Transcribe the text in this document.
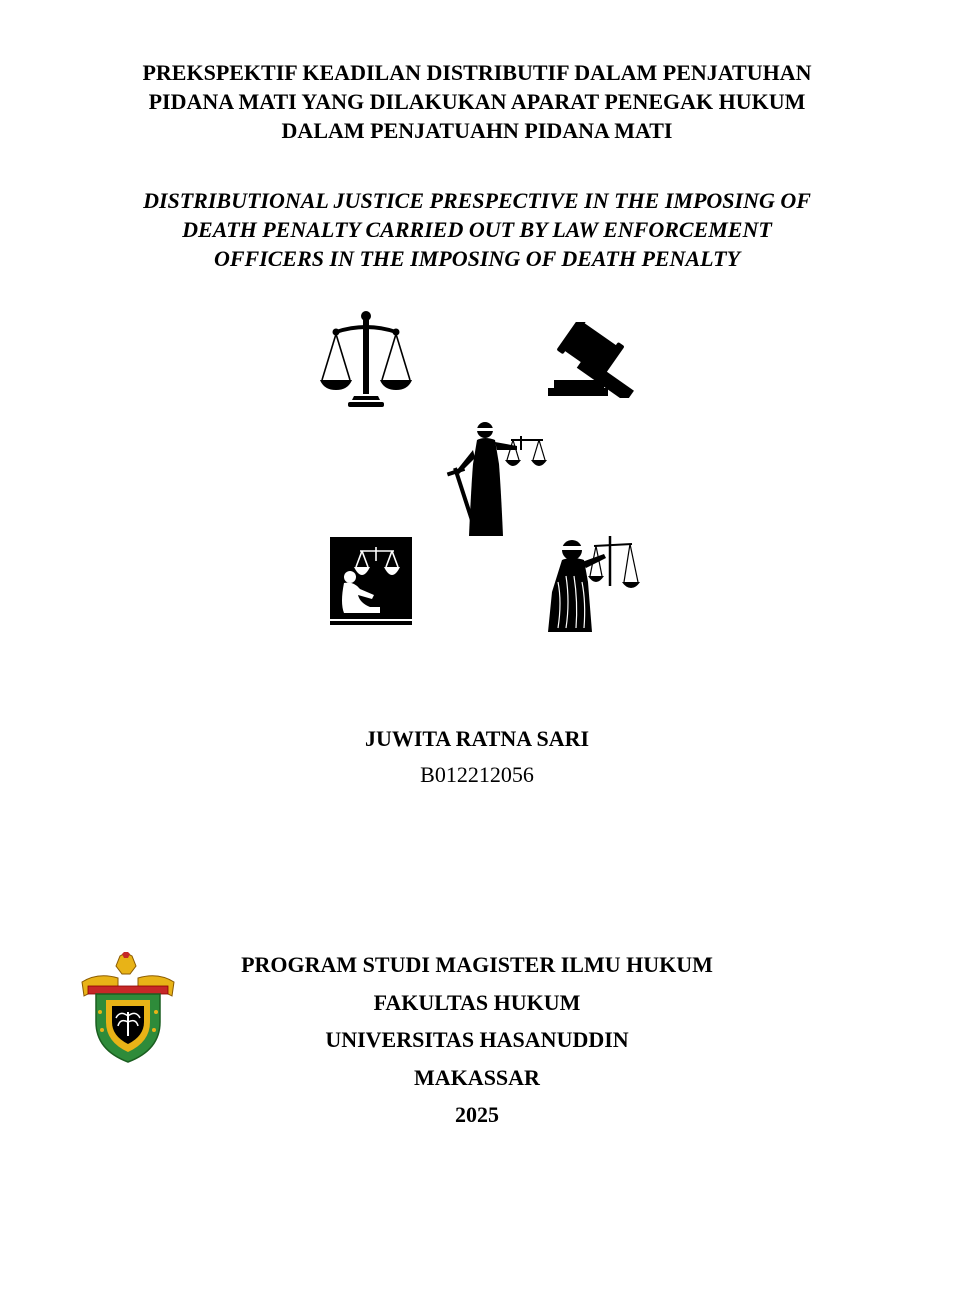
PREKSPEKTIF KEADILAN DISTRIBUTIF DALAM PENJATUHAN
PIDANA MATI YANG DILAKUKAN APARAT PENEGAK HUKUM
DALAM PENJATUAHN PIDANA MATI
DISTRIBUTIONAL JUSTICE PRESPECTIVE IN THE IMPOSING OF
DEATH PENALTY CARRIED OUT BY LAW ENFORCEMENT
OFFICERS IN THE IMPOSING OF DEATH PENALTY
JUWITA RATNA SARI
B012212056
PROGRAM STUDI MAGISTER ILMU HUKUM
FAKULTAS HUKUM
UNIVERSITAS HASANUDDIN
MAKASSAR
2025
